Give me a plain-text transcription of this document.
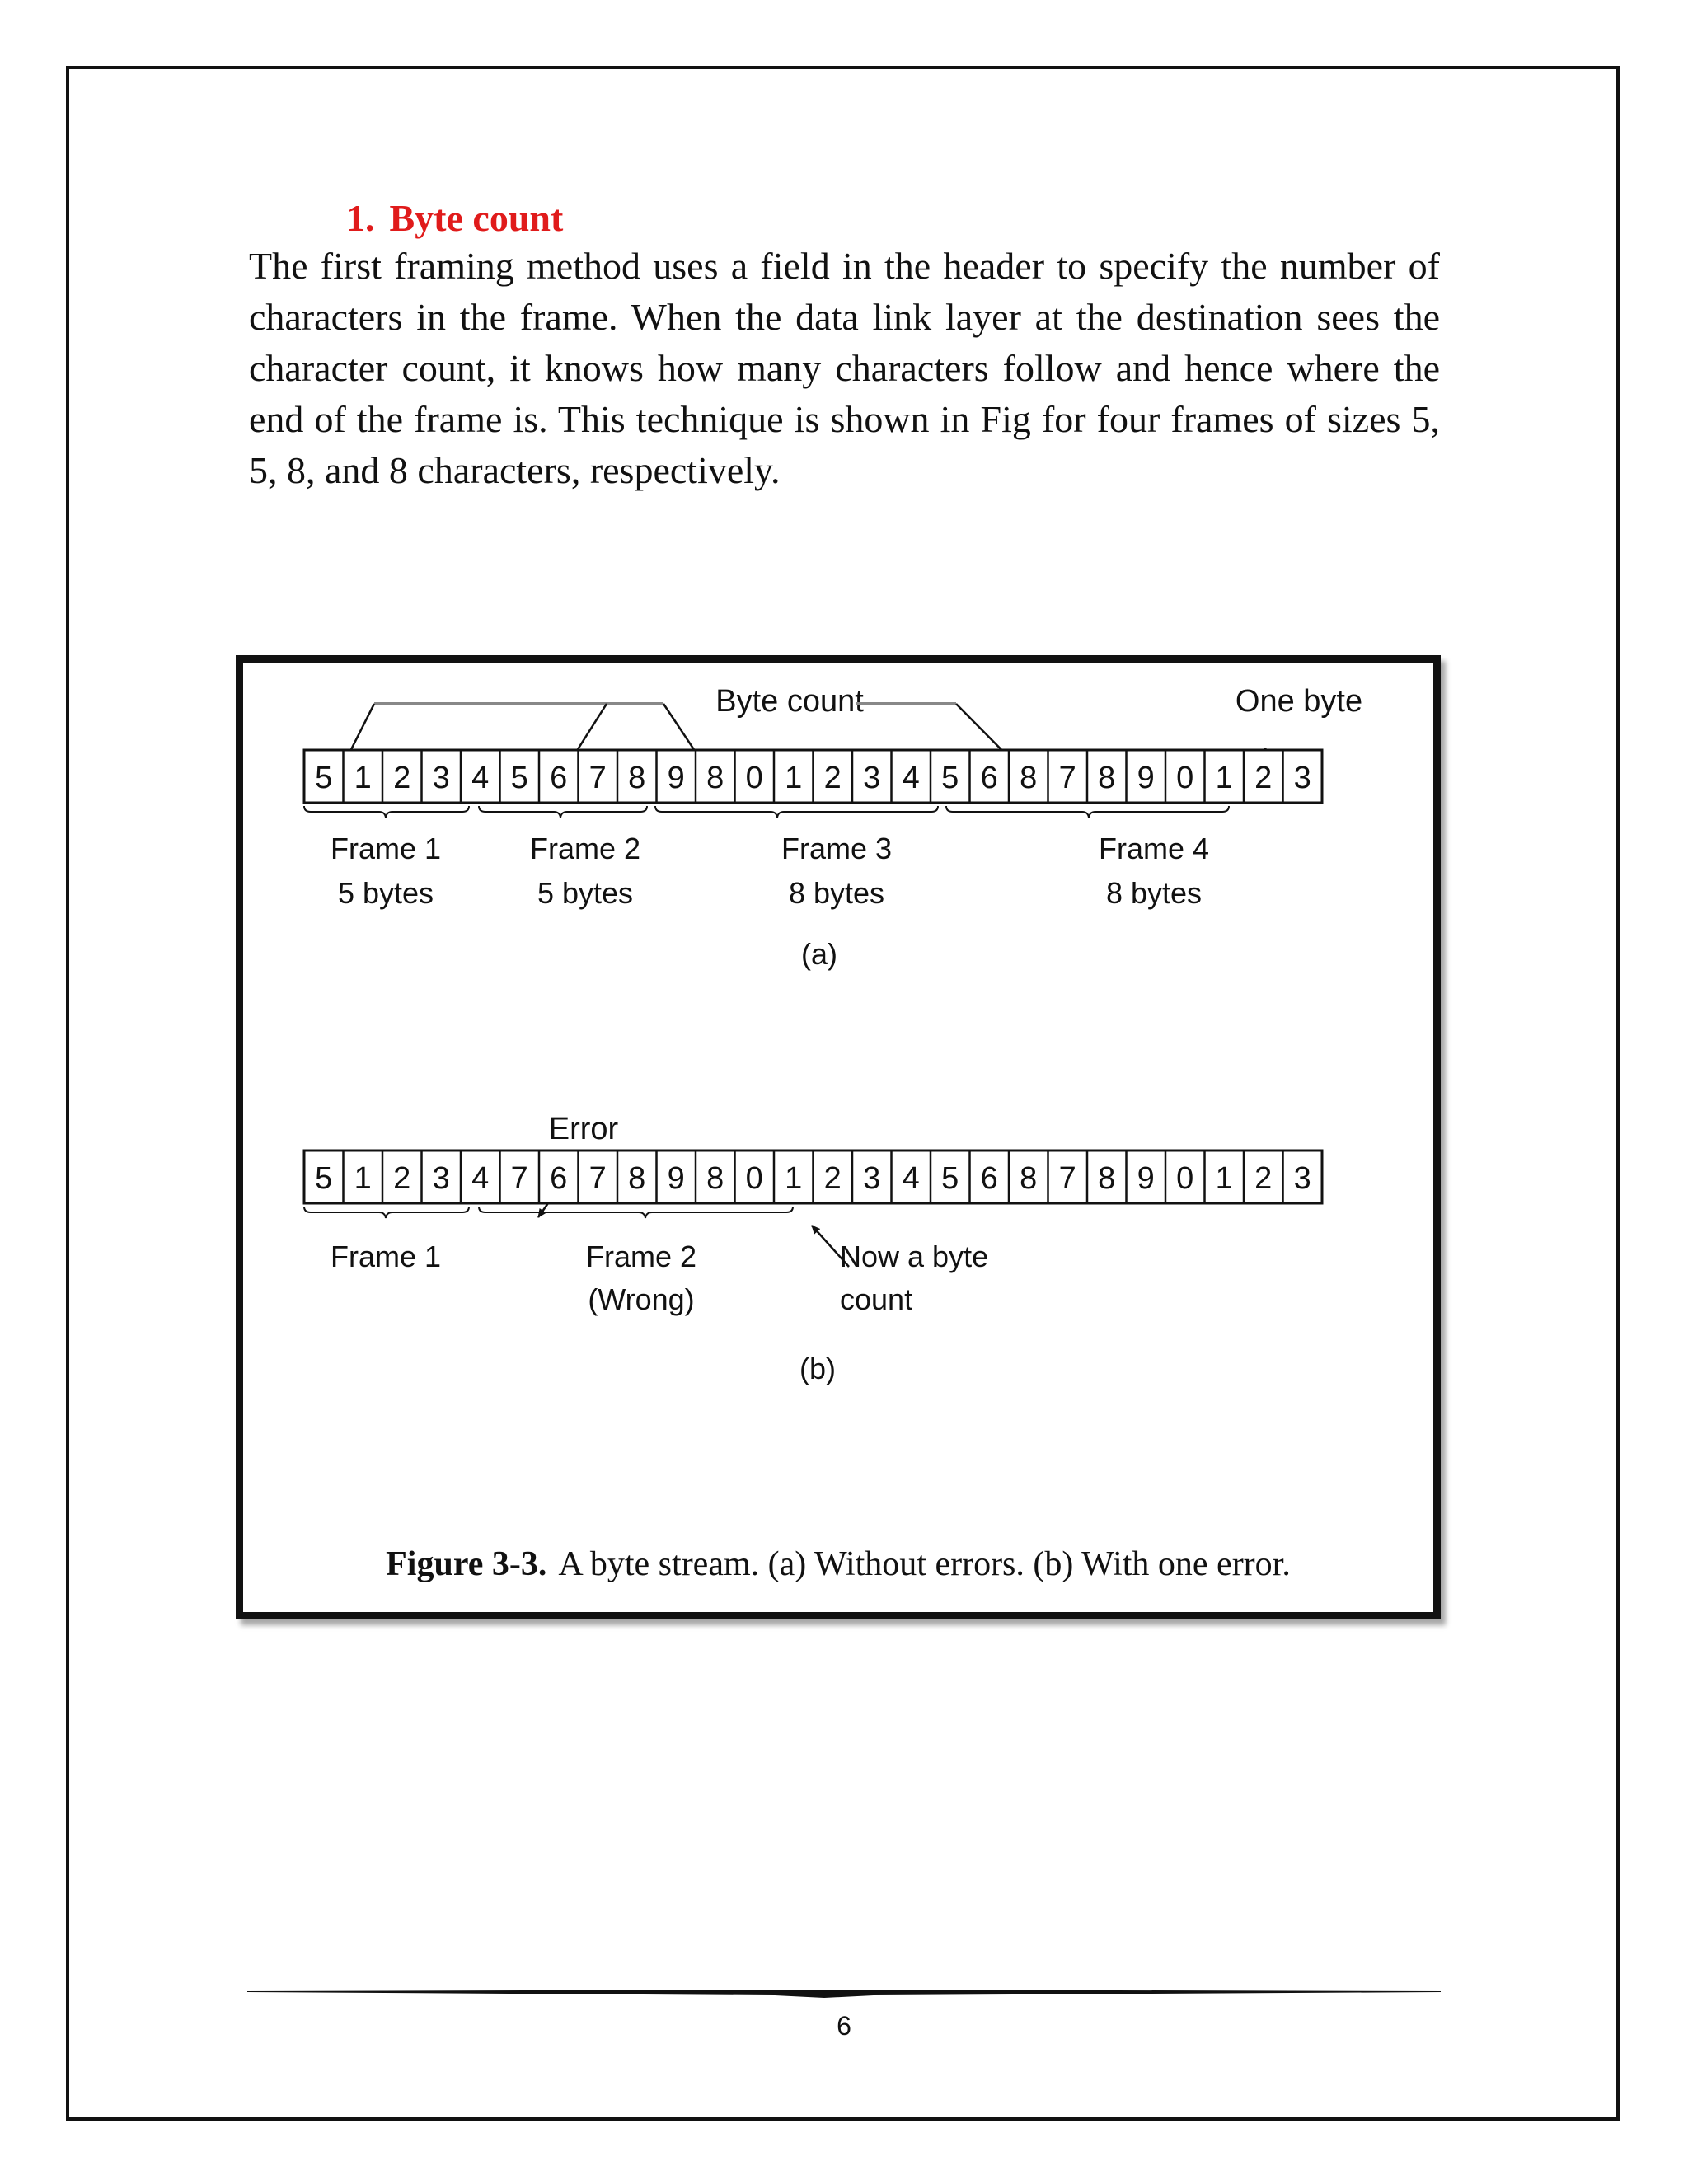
1. Byte count

The first framing method uses a field in the header to specify the number of characters in the frame. When the data link layer at the destination sees the character count, it knows how many characters follow and hence where the end of the frame is. This technique is shown in Fig for four frames of sizes 5, 5, 8, and 8 characters, respectively.

Byte count	One byte
5 1 2 3 4 5 6 7 8 9 8 0 1 2 3 4 5 6 8 7 8 9 0 1 2 3
Frame 1
5 bytes
Frame 2
5 bytes
Frame 3
8 bytes
Frame 4
8 bytes
(a)
Error
5 1 2 3 4 7 6 7 8 9 8 0 1 2 3 4 5 6 8 7 8 9 0 1 2 3
Frame 1	Frame 2
(Wrong)
Now a byte
count
(b)
Figure 3-3. A byte stream. (a) Without errors. (b) With one error.
6
